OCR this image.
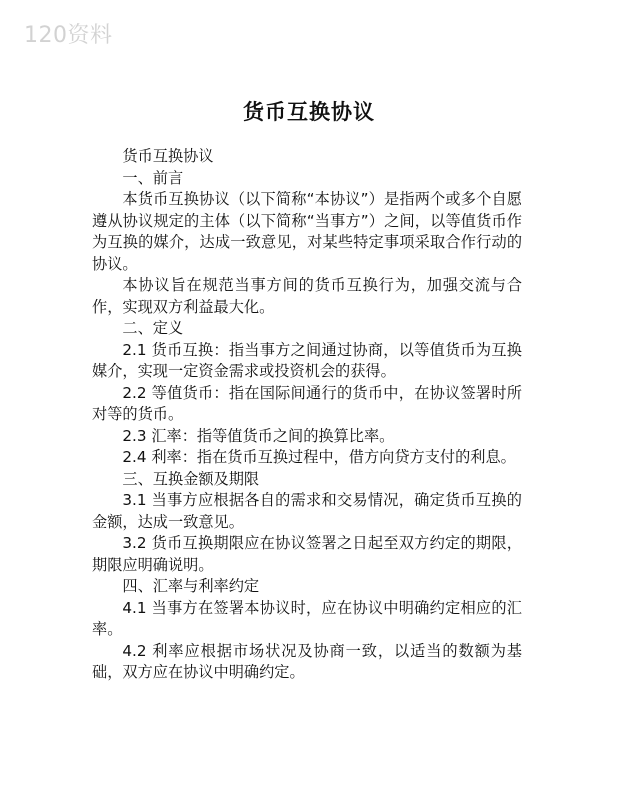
120资料
货币互换协议

货币互换协议

一、前言

本货币互换协议（以下简称“本协议”）是指两个或多个自愿遵从协议规定的主体（以下简称“当事方”）之间，以等值货币作为互换的媒介，达成一致意见，对某些特定事项采取合作行动的协议。

本协议旨在规范当事方间的货币互换行为，加强交流与合作，实现双方利益最大化。

二、定义

2.1 货币互换：指当事方之间通过协商，以等值货币为互换媒介，实现一定资金需求或投资机会的获得。

2.2 等值货币：指在国际间通行的货币中，在协议签署时所对等的货币。

2.3 汇率：指等值货币之间的换算比率。

2.4 利率：指在货币互换过程中，借方向贷方支付的利息。

三、互换金额及期限

3.1 当事方应根据各自的需求和交易情况，确定货币互换的金额，达成一致意见。

3.2 货币互换期限应在协议签署之日起至双方约定的期限，期限应明确说明。

四、汇率与利率约定

4.1 当事方在签署本协议时，应在协议中明确约定相应的汇率。

4.2 利率应根据市场状况及协商一致，以适当的数额为基础，双方应在协议中明确约定。
